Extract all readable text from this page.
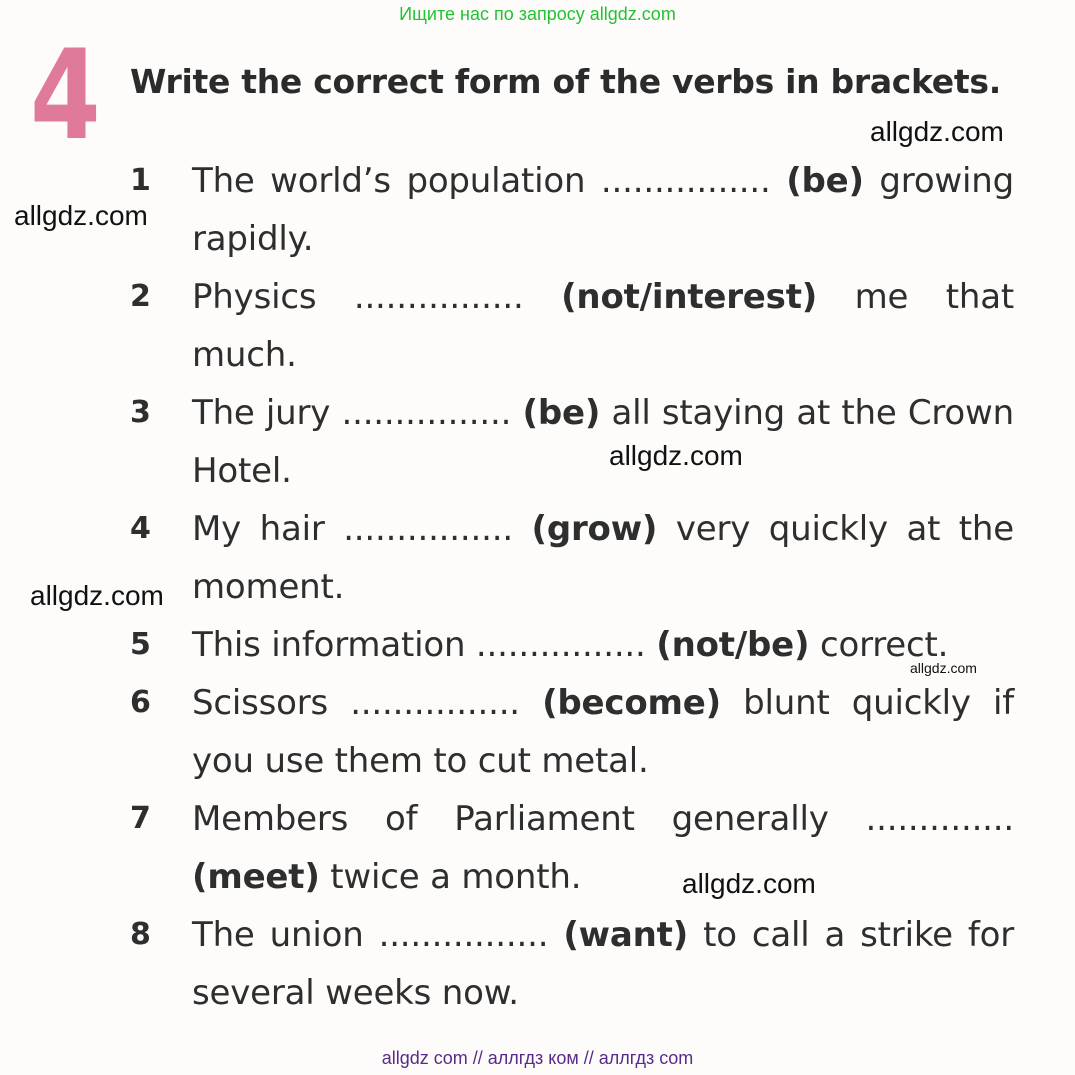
Ищите нас по запросу allgdz.com
4 Write the correct form of the verbs in brackets.
1 The world’s population ................ (be) growing rapidly.
2 Physics ................ (not/interest) me that much.
3 The jury ................ (be) all staying at the Crown Hotel.
4 My hair ................ (grow) very quickly at the moment.
5 This information ................ (not/be) correct.
6 Scissors ................ (become) blunt quickly if you use them to cut metal.
7 Members of Parliament generally .............. (meet) twice a month.
8 The union ................ (want) to call a strike for several weeks now.
allgdz.com
allgdz.com
allgdz.com
allgdz.com
allgdz.com
allgdz.com
allgdz com // аллгдз ком // аллгдз com
